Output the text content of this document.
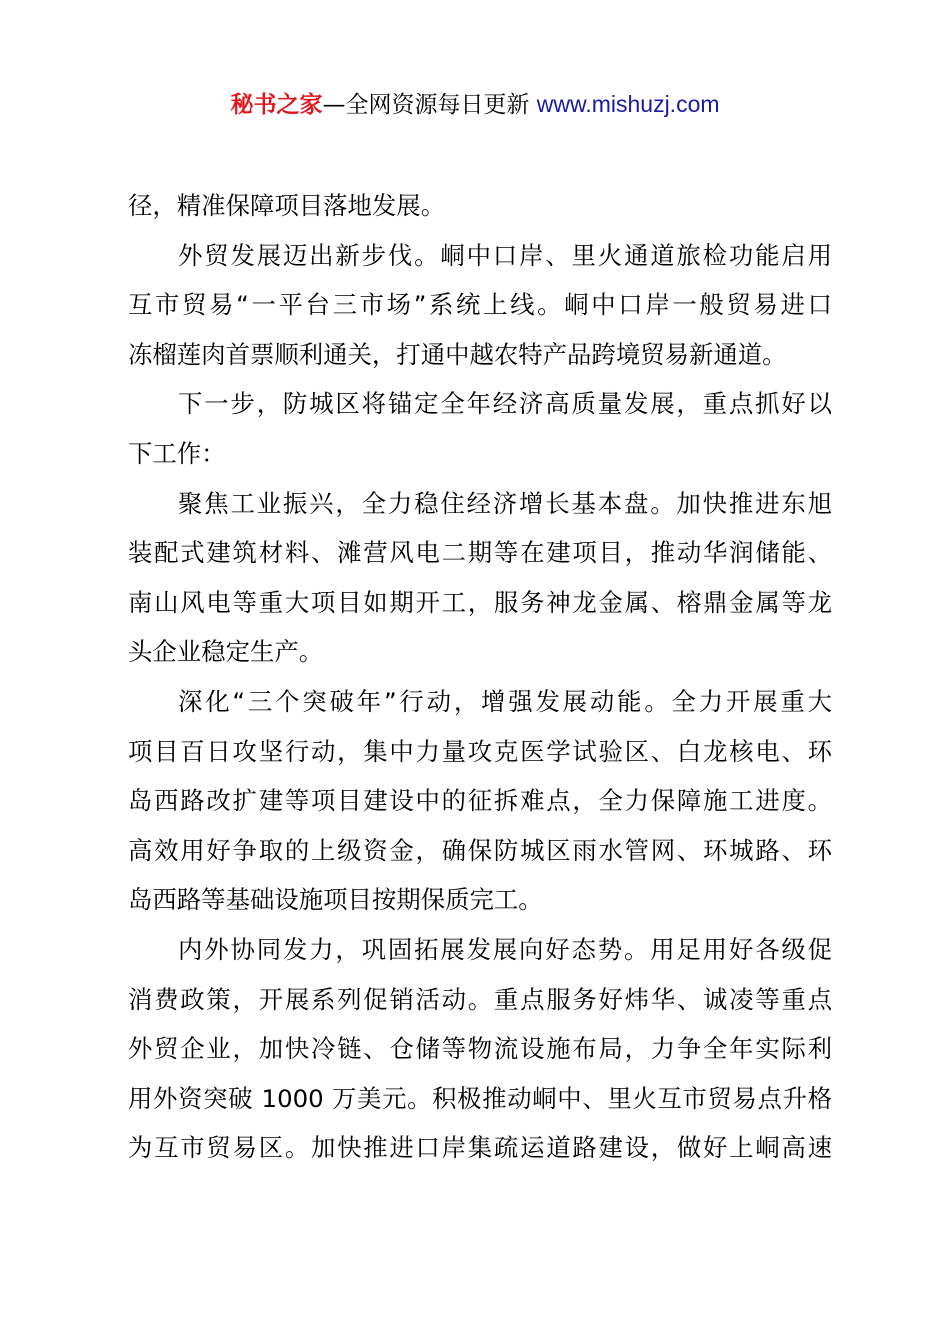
秘书之家—全网资源每日更新 www.mishuzj.com

径，精准保障项目落地发展。

外贸发展迈出新步伐。峒中口岸、里火通道旅检功能启用
互市贸易“一平台三市场”系统上线。峒中口岸一般贸易进口
冻榴莲肉首票顺利通关，打通中越农特产品跨境贸易新通道。

下一步，防城区将锚定全年经济高质量发展，重点抓好以
下工作：

聚焦工业振兴，全力稳住经济增长基本盘。加快推进东旭
装配式建筑材料、滩营风电二期等在建项目，推动华润储能、
南山风电等重大项目如期开工，服务神龙金属、榕鼎金属等龙
头企业稳定生产。

深化“三个突破年”行动，增强发展动能。全力开展重大
项目百日攻坚行动，集中力量攻克医学试验区、白龙核电、环
岛西路改扩建等项目建设中的征拆难点，全力保障施工进度。
高效用好争取的上级资金，确保防城区雨水管网、环城路、环
岛西路等基础设施项目按期保质完工。

内外协同发力，巩固拓展发展向好态势。用足用好各级促
消费政策，开展系列促销活动。重点服务好炜华、诚凌等重点
外贸企业，加快冷链、仓储等物流设施布局，力争全年实际利
用外资突破 1000 万美元。积极推动峒中、里火互市贸易点升格
为互市贸易区。加快推进口岸集疏运道路建设，做好上峒高速
